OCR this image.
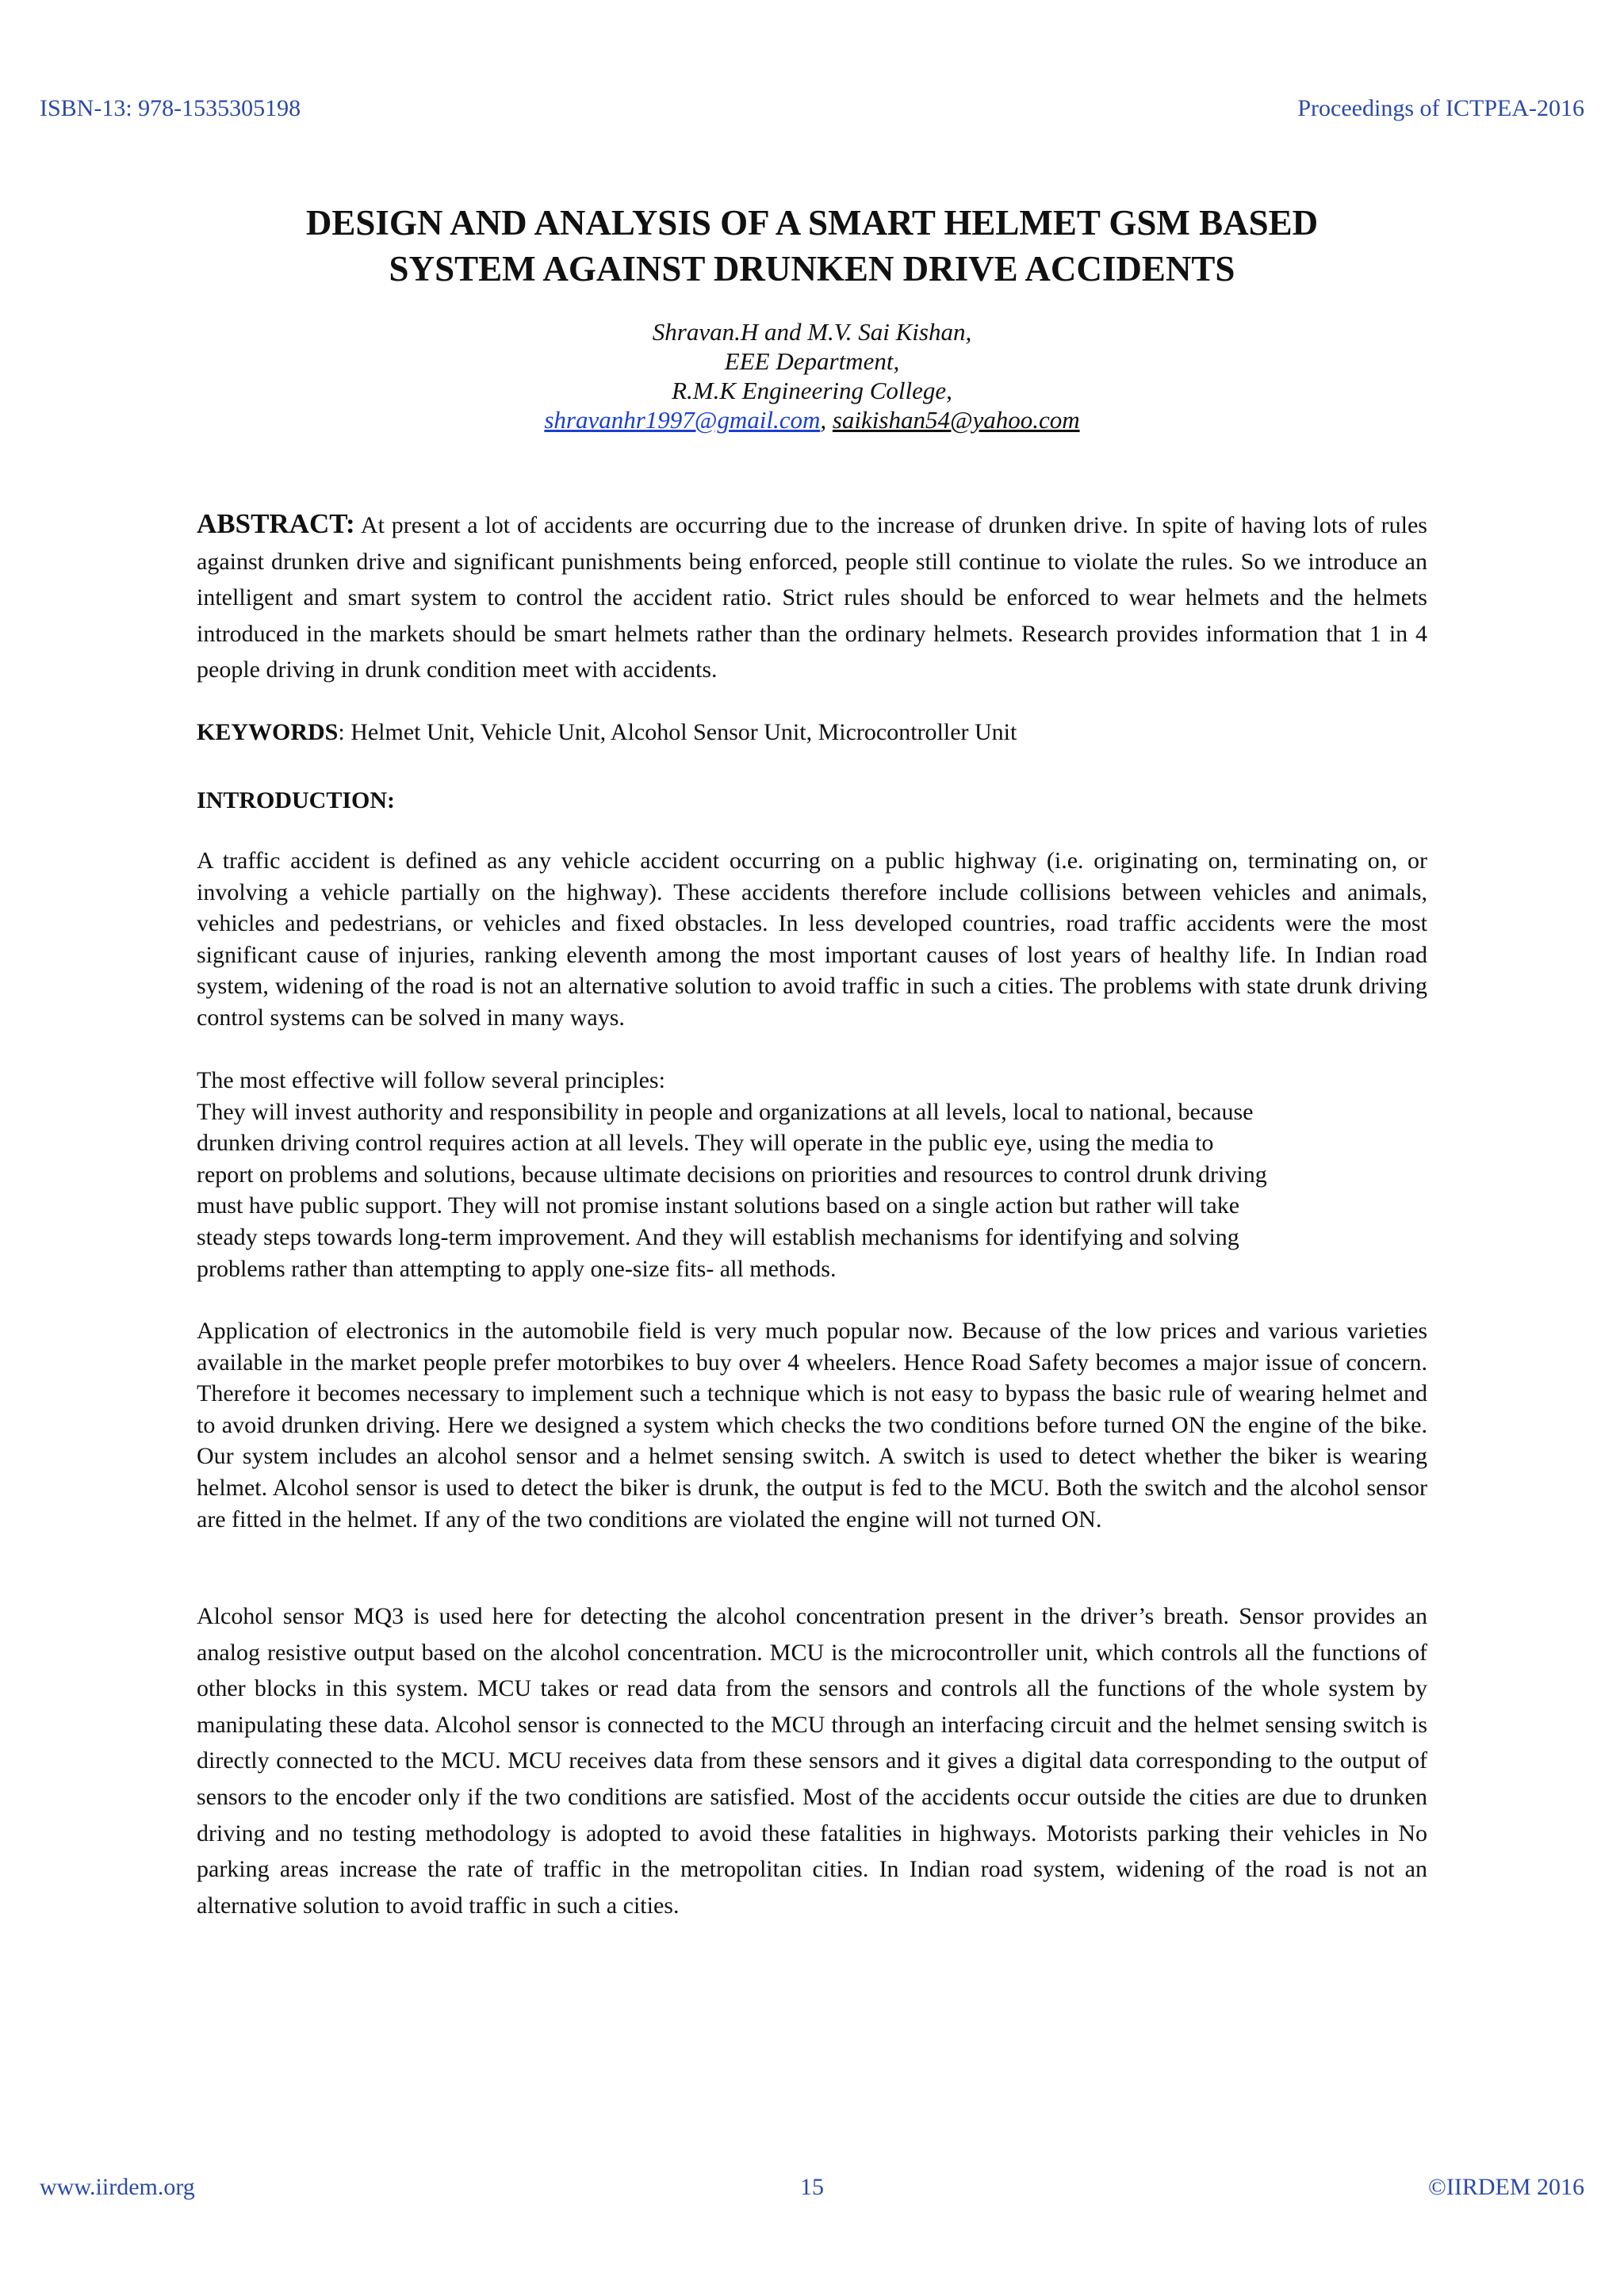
ISBN-13: 978-1535305198	Proceedings of ICTPEA-2016
DESIGN AND ANALYSIS OF A SMART HELMET GSM BASED
SYSTEM AGAINST DRUNKEN DRIVE ACCIDENTS
Shravan.H and M.V. Sai Kishan,
EEE Department,
R.M.K Engineering College,
shravanhr1997@gmail.com, saikishan54@yahoo.com
ABSTRACT: At present a lot of accidents are occurring due to the increase of drunken drive. In spite of having lots of rules against drunken drive and significant punishments being enforced, people still continue to violate the rules. So we introduce an intelligent and smart system to control the accident ratio. Strict rules should be enforced to wear helmets and the helmets introduced in the markets should be smart helmets rather than the ordinary helmets. Research provides information that 1 in 4 people driving in drunk condition meet with accidents.
KEYWORDS: Helmet Unit, Vehicle Unit, Alcohol Sensor Unit, Microcontroller Unit
INTRODUCTION:
A traffic accident is defined as any vehicle accident occurring on a public highway (i.e. originating on, terminating on, or involving a vehicle partially on the highway). These accidents therefore include collisions between vehicles and animals, vehicles and pedestrians, or vehicles and fixed obstacles. In less developed countries, road traffic accidents were the most significant cause of injuries, ranking eleventh among the most important causes of lost years of healthy life. In Indian road system, widening of the road is not an alternative solution to avoid traffic in such a cities. The problems with state drunk driving control systems can be solved in many ways.
The most effective will follow several principles:
They will invest authority and responsibility in people and organizations at all levels, local to national, because
drunken driving control requires action at all levels. They will operate in the public eye, using the media to
report on problems and solutions, because ultimate decisions on priorities and resources to control drunk driving
must have public support. They will not promise instant solutions based on a single action but rather will take
steady steps towards long-term improvement. And they will establish mechanisms for identifying and solving
problems rather than attempting to apply one-size fits- all methods.
Application of electronics in the automobile field is very much popular now. Because of the low prices and various varieties available in the market people prefer motorbikes to buy over 4 wheelers. Hence Road Safety becomes a major issue of concern. Therefore it becomes necessary to implement such a technique which is not easy to bypass the basic rule of wearing helmet and to avoid drunken driving. Here we designed a system which checks the two conditions before turned ON the engine of the bike. Our system includes an alcohol sensor and a helmet sensing switch. A switch is used to detect whether the biker is wearing helmet. Alcohol sensor is used to detect the biker is drunk, the output is fed to the MCU. Both the switch and the alcohol sensor are fitted in the helmet. If any of the two conditions are violated the engine will not turned ON.
Alcohol sensor MQ3 is used here for detecting the alcohol concentration present in the driver’s breath. Sensor provides an analog resistive output based on the alcohol concentration. MCU is the microcontroller unit, which controls all the functions of other blocks in this system. MCU takes or read data from the sensors and controls all the functions of the whole system by manipulating these data. Alcohol sensor is connected to the MCU through an interfacing circuit and the helmet sensing switch is directly connected to the MCU. MCU receives data from these sensors and it gives a digital data corresponding to the output of sensors to the encoder only if the two conditions are satisfied. Most of the accidents occur outside the cities are due to drunken driving and no testing methodology is adopted to avoid these fatalities in highways. Motorists parking their vehicles in No parking areas increase the rate of traffic in the metropolitan cities. In Indian road system, widening of the road is not an alternative solution to avoid traffic in such a cities.
www.iirdem.org	15	©IIRDEM 2016
